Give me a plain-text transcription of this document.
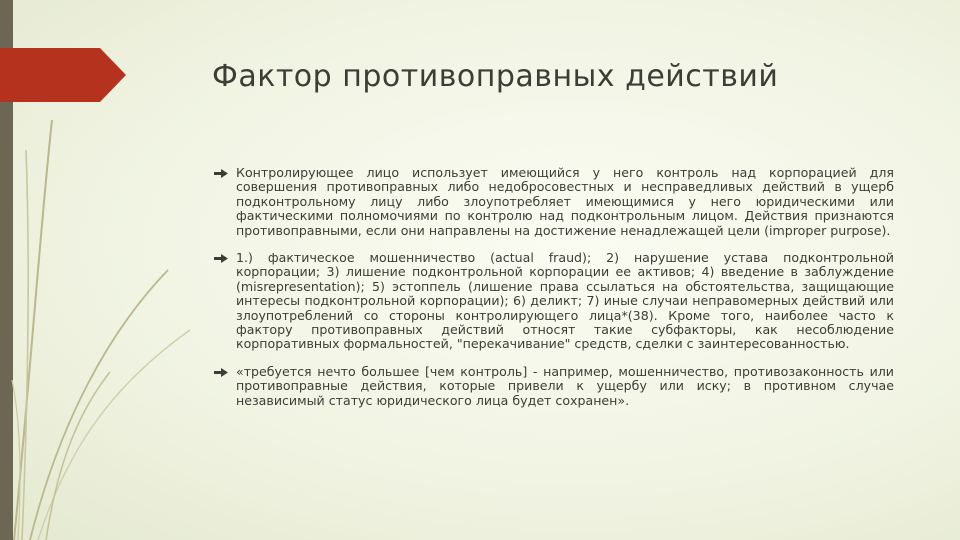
Фактор противоправных действий
Контролирующее лицо использует имеющийся у него контроль над корпорацией для совершения противоправных либо недобросовестных и несправедливых действий в ущерб подконтрольному лицу либо злоупотребляет имеющимися у него юридическими или фактическими полномочиями по контролю над подконтрольным лицом. Действия признаются противоправными, если они направлены на достижение ненадлежащей цели (improper purpose).
1.) фактическое мошенничество (actual fraud); 2) нарушение устава подконтрольной корпорации; 3) лишение подконтрольной корпорации ее активов; 4) введение в заблуждение (misrepresentation); 5) эстоппель (лишение права ссылаться на обстоятельства, защищающие интересы подконтрольной корпорации); 6) деликт; 7) иные случаи неправомерных действий или злоупотреблений со стороны контролирующего лица*(38). Кроме того, наиболее часто к фактору противоправных действий относят такие субфакторы, как несоблюдение корпоративных формальностей, "перекачивание" средств, сделки с заинтересованностью.
«требуется нечто большее [чем контроль] - например, мошенничество, противозаконность или противоправные действия, которые привели к ущербу или иску; в противном случае независимый статус юридического лица будет сохранен».
